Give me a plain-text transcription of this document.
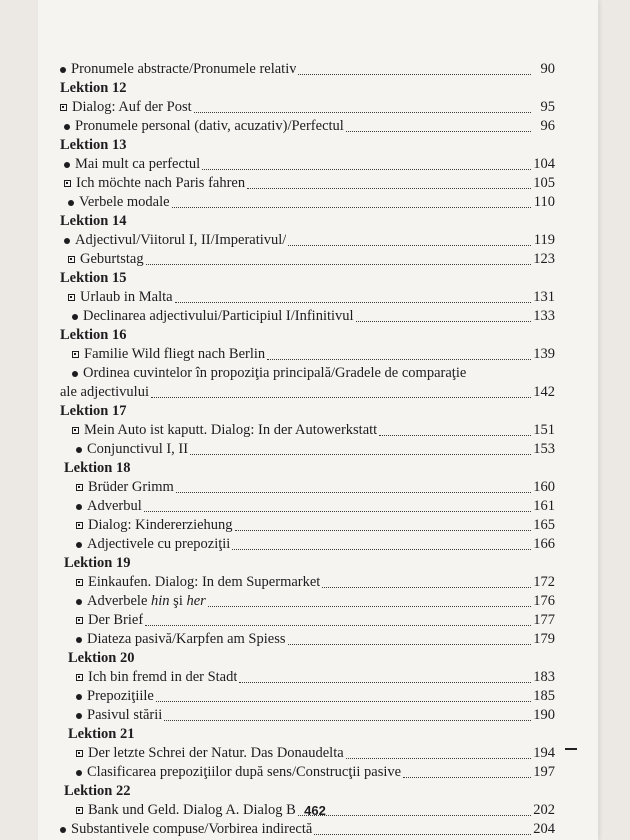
Pronumele abstracte/Pronumele relativ	90
Lektion 12
Dialog: Auf der Post	95
Pronumele personal (dativ, acuzativ)/Perfectul	96
Lektion 13
Mai mult ca perfectul	104
Ich möchte nach Paris fahren	105
Verbele modale	110
Lektion 14
Adjectivul/Viitorul I, II/Imperativul/	119
Geburtstag	123
Lektion 15
Urlaub in Malta	131
Declinarea adjectivului/Participiul I/Infinitivul	133
Lektion 16
Familie Wild fliegt nach Berlin	139
Ordinea cuvintelor în propoziţia principală/Gradele de comparaţie
ale adjectivului	142
Lektion 17
Mein Auto ist kaputt. Dialog: In der Autowerkstatt	151
Conjunctivul I, II	153
Lektion 18
Brüder Grimm	160
Adverbul	161
Dialog: Kindererziehung	165
Adjectivele cu prepoziţii	166
Lektion 19
Einkaufen. Dialog: In dem Supermarket	172
Adverbele hin şi her	176
Der Brief	177
Diateza pasivă/Karpfen am Spiess	179
Lektion 20
Ich bin fremd in der Stadt	183
Prepoziţiile	185
Pasivul stării	190
Lektion 21
Der letzte Schrei der Natur. Das Donaudelta	194
Clasificarea prepoziţiilor după sens/Construcţii pasive	197
Lektion 22
Bank und Geld. Dialog A. Dialog B	202
Substantivele compuse/Vorbirea indirectă	204
462
